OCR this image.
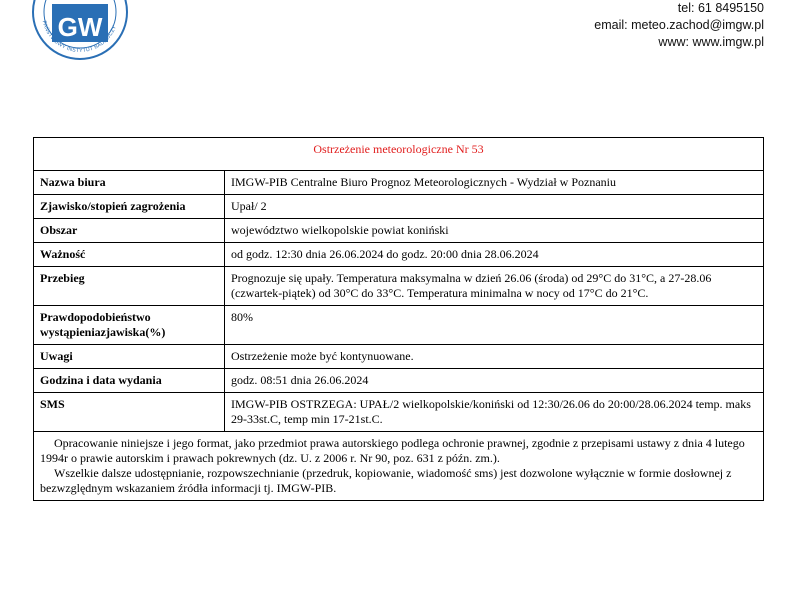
GW
PAŃSTWOWY INSTYTUT BADAWCZY
tel: 61 8495150
email: meteo.zachod@imgw.pl
www: www.imgw.pl
Ostrzeżenie meteorologiczne Nr 53	
Nazwa biura	IMGW-PIB Centralne Biuro Prognoz Meteorologicznych - Wydział w Poznaniu
Zjawisko/stopień zagrożenia	Upał/ 2
Obszar	województwo wielkopolskie powiat koniński
Ważność	od godz. 12:30 dnia 26.06.2024 do godz. 20:00 dnia 28.06.2024
Przebieg	Prognozuje się upały. Temperatura maksymalna w dzień 26.06 (środa) od 29°C do 31°C, a 27-28.06 (czwartek-piątek) od 30°C do 33°C. Temperatura minimalna w nocy od 17°C do 21°C.
Prawdopodobieństwo wystąpieniazjawiska(%)	80%
Uwagi	Ostrzeżenie może być kontynuowane.
Godzina i data wydania	godz. 08:51 dnia 26.06.2024
SMS	IMGW-PIB OSTRZEGA: UPAŁ/2 wielkopolskie/koniński od 12:30/26.06 do 20:00/28.06.2024 temp. maks 29-33st.C, temp min 17-21st.C.

Opracowanie niniejsze i jego format, jako przedmiot prawa autorskiego podlega ochronie prawnej, zgodnie z przepisami ustawy z dnia 4 lutego 1994r o prawie autorskim i prawach pokrewnych (dz. U. z 2006 r. Nr 90, poz. 631 z późn. zm.).
Wszelkie dalsze udostępnianie, rozpowszechnianie (przedruk, kopiowanie, wiadomość sms) jest dozwolone wyłącznie w formie dosłownej z bezwzględnym wskazaniem źródła informacji tj. IMGW-PIB.	
